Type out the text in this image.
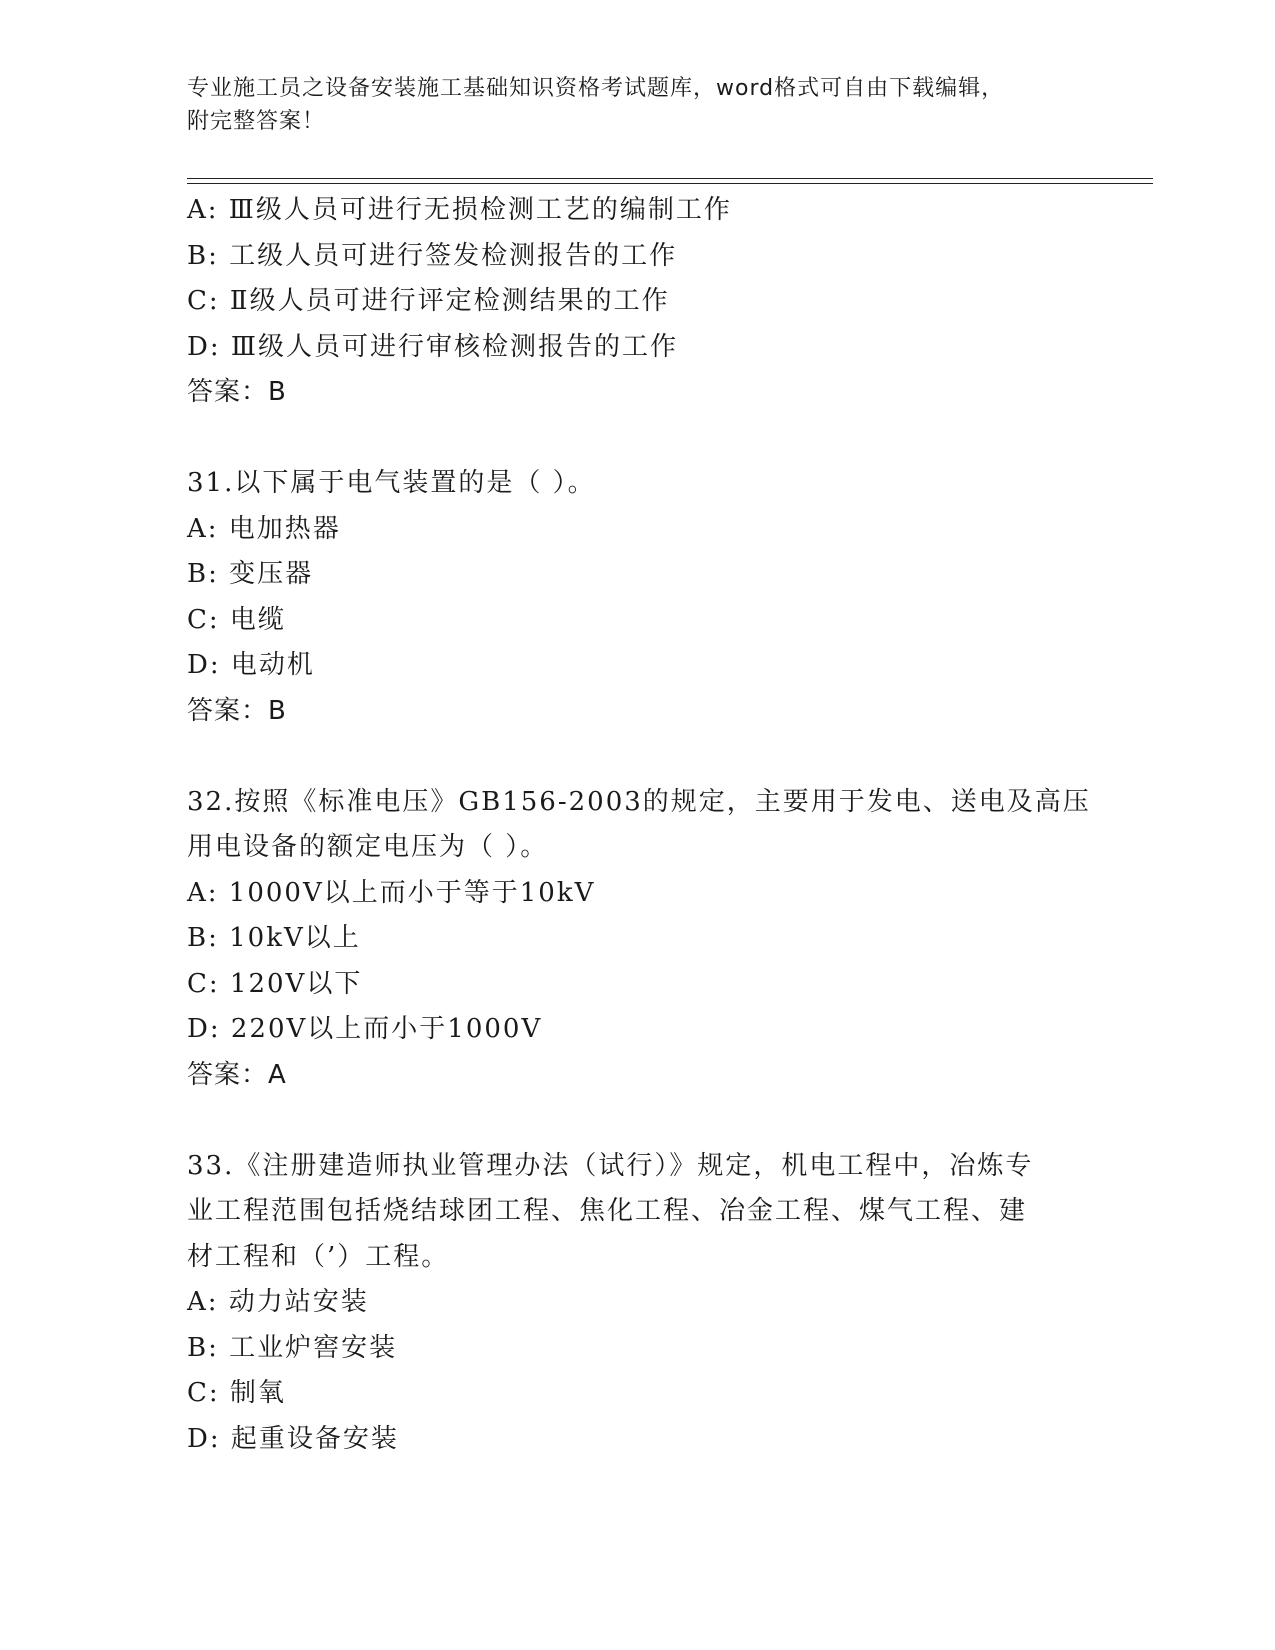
专业施工员之设备安装施工基础知识资格考试题库，word格式可自由下载编辑，
附完整答案！
A: Ⅲ级人员可进行无损检测工艺的编制工作
B: 工级人员可进行签发检测报告的工作
C: Ⅱ级人员可进行评定检测结果的工作
D: Ⅲ级人员可进行审核检测报告的工作
答案：B
31.以下属于电气装置的是（ ）。
A: 电加热器
B: 变压器
C: 电缆
D: 电动机
答案：B
32.按照《标准电压》GB156-2003的规定，主要用于发电、送电及高压
用电设备的额定电压为（ ）。
A: 1000V以上而小于等于10kV
B: 10kV以上
C: 120V以下
D: 220V以上而小于1000V
答案：A
33.《注册建造师执业管理办法（试行）》规定，机电工程中，冶炼专
业工程范围包括烧结球团工程、焦化工程、冶金工程、煤气工程、建
材工程和（’）工程。
A: 动力站安装
B: 工业炉窖安装
C: 制氧
D: 起重设备安装
